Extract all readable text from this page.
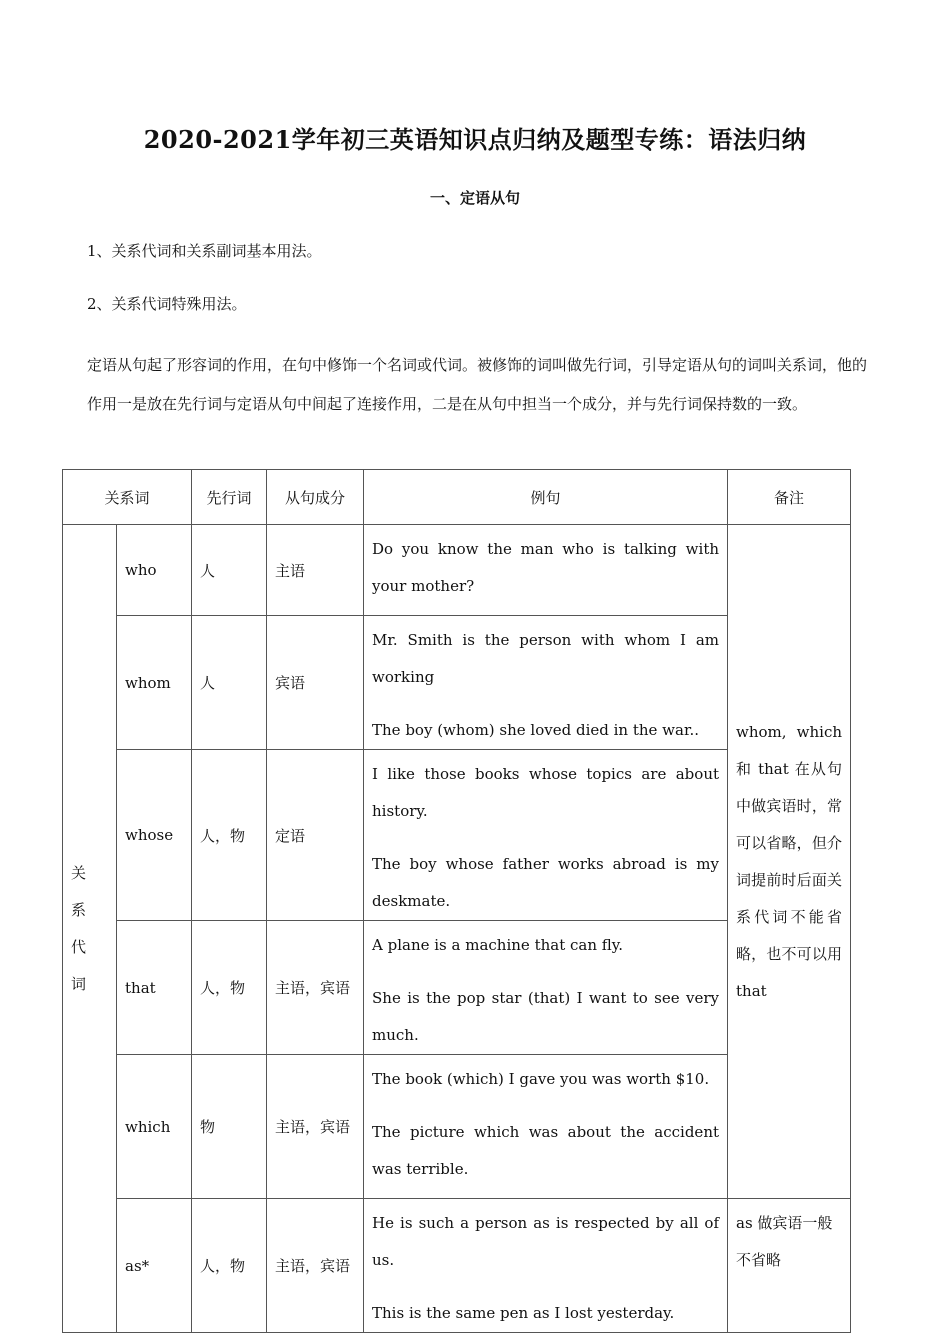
2020-2021学年初三英语知识点归纳及题型专练：语法归纳
一、定语从句
1、关系代词和关系副词基本用法。
2、关系代词特殊用法。
定语从句起了形容词的作用，在句中修饰一个名词或代词。被修饰的词叫做先行词，引导定语从句的词叫关系词，他的作用一是放在先行词与定语从句中间起了连接作用，二是在从句中担当一个成分，并与先行词保持数的一致。
关系词		先行词	从句成分	例句	备注
关 系 代词	who	人	主语	Do you know the man who is talking with your mother?	whom, which和 that 在从句中做宾语时，常可以省略，但介词提前时后面关系代词不能省略，也不可以用 that
	whom	人	宾语	Mr. Smith is the person with whom I am working
The boy (whom) she loved died in the war..	

	whose	人，物	定语	I like those books whose topics are about history.
The boy whose father works abroad is my deskmate.	

	that	人，物	主语，宾语	A plane is a machine that can fly.
She is the pop star (that) I want to see very much.	

	which	物	主语，宾语	The book (which) I gave you was worth $10.
The picture which was about the accident was terrible.	

	as*	人，物	主语，宾语	He is such a person as is respected by all of us.
This is the same pen as I lost yesterday.	as 做宾语一般不省略
